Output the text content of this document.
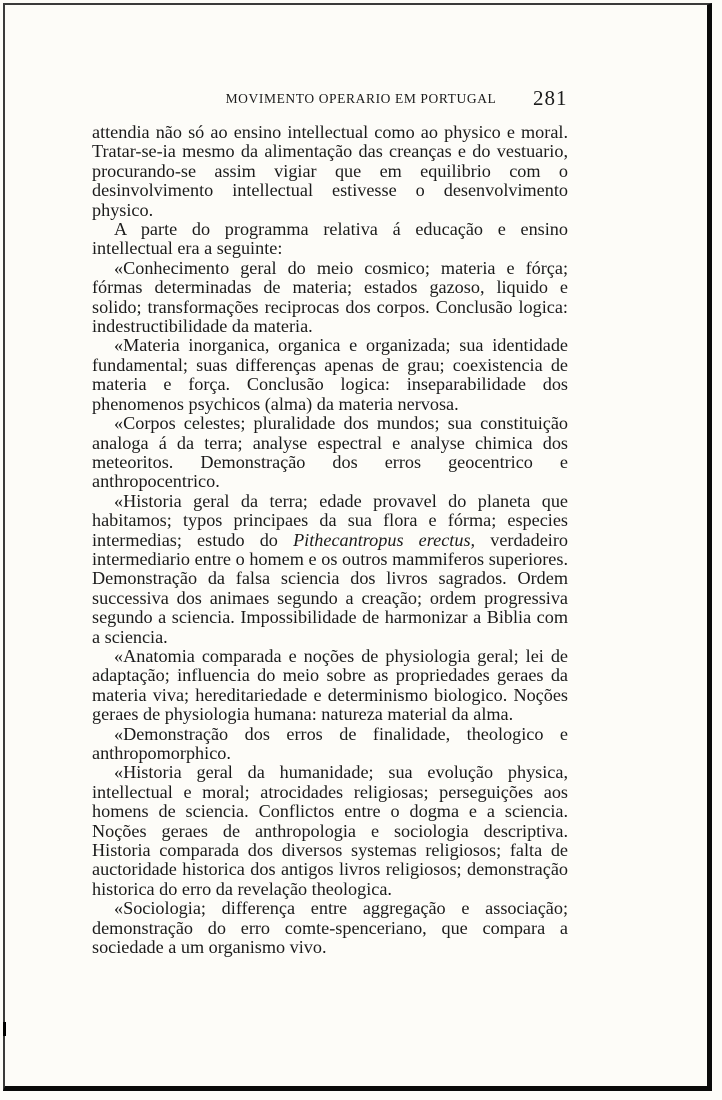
MOVIMENTO OPERARIO EM PORTUGAL	281

attendia não só ao ensino intellectual como ao physico e moral. Tratar-se-ia mesmo da alimentação das creanças e do vestuario, procurando-se assim vigiar que em equilibrio com o desinvolvimento intellectual estivesse o desenvolvimento physico.

A parte do programma relativa á educação e ensino intellectual era a seguinte:

«Conhecimento geral do meio cosmico; materia e fórça; fórmas determinadas de materia; estados gazoso, liquido e solido; transformações reciprocas dos corpos. Conclusão logica: indestructibilidade da materia.

«Materia inorganica, organica e organizada; sua identidade fundamental; suas differenças apenas de grau; coexistencia de materia e força. Conclusão logica: inseparabilidade dos phenomenos psychicos (alma) da materia nervosa.

«Corpos celestes; pluralidade dos mundos; sua constituição analoga á da terra; analyse espectral e analyse chimica dos meteoritos. Demonstração dos erros geocentrico e anthropocentrico.

«Historia geral da terra; edade provavel do planeta que habitamos; typos principaes da sua flora e fórma; especies intermedias; estudo do Pithecantropus erectus, verdadeiro intermediario entre o homem e os outros mammiferos superiores. Demonstração da falsa sciencia dos livros sagrados. Ordem successiva dos animaes segundo a creação; ordem progressiva segundo a sciencia. Impossibilidade de harmonizar a Biblia com a sciencia.

«Anatomia comparada e noções de physiologia geral; lei de adaptação; influencia do meio sobre as propriedades geraes da materia viva; hereditariedade e determinismo biologico. Noções geraes de physiologia humana: natureza material da alma.

«Demonstração dos erros de finalidade, theologico e anthropomorphico.

«Historia geral da humanidade; sua evolução physica, intellectual e moral; atrocidades religiosas; perseguições aos homens de sciencia. Conflictos entre o dogma e a sciencia. Noções geraes de anthropologia e sociologia descriptiva. Historia comparada dos diversos systemas religiosos; falta de auctoridade historica dos antigos livros religiosos; demonstração historica do erro da revelação theologica.

«Sociologia; differença entre aggregação e associação; demonstração do erro comte-spenceriano, que compara a sociedade a um organismo vivo.
